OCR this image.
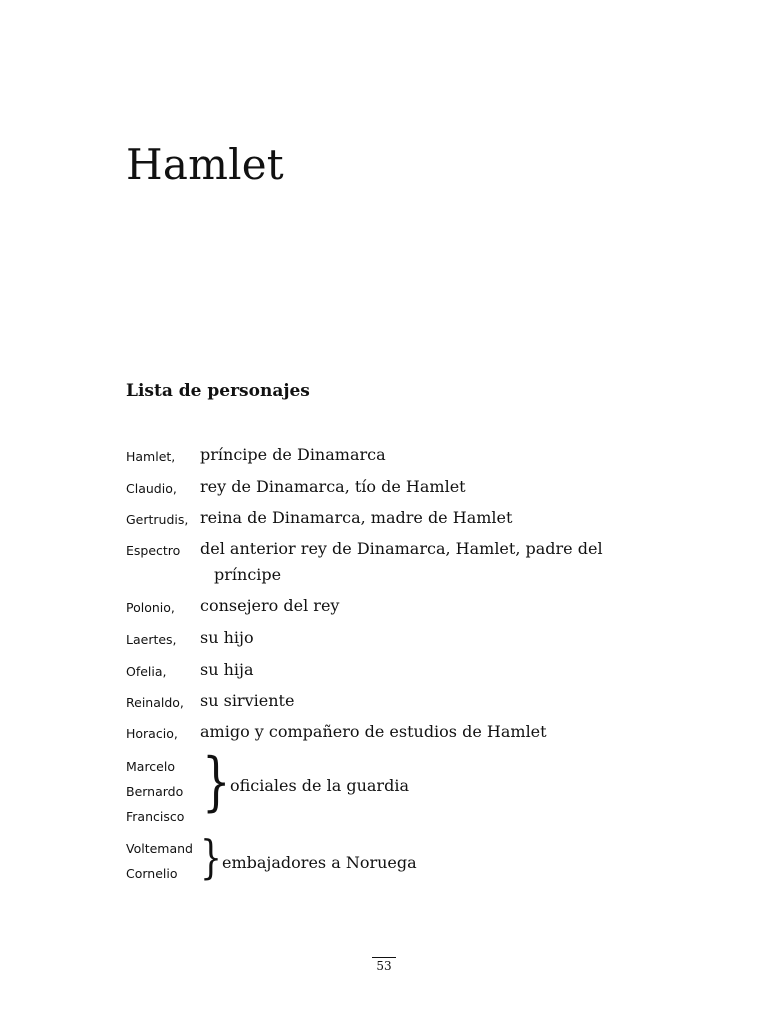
Hamlet
Lista de personajes
Hamlet, príncipe de Dinamarca
Claudio, rey de Dinamarca, tío de Hamlet
Gertrudis, reina de Dinamarca, madre de Hamlet
Espectro del anterior rey de Dinamarca, Hamlet, padre del
príncipe
Polonio, consejero del rey
Laertes, su hijo
Ofelia, su hija
Reinaldo, su sirviente
Horacio, amigo y compañero de estudios de Hamlet
Marcelo
Bernardo
Francisco } oficiales de la guardia
Voltemand
Cornelio } embajadores a Noruega
53
